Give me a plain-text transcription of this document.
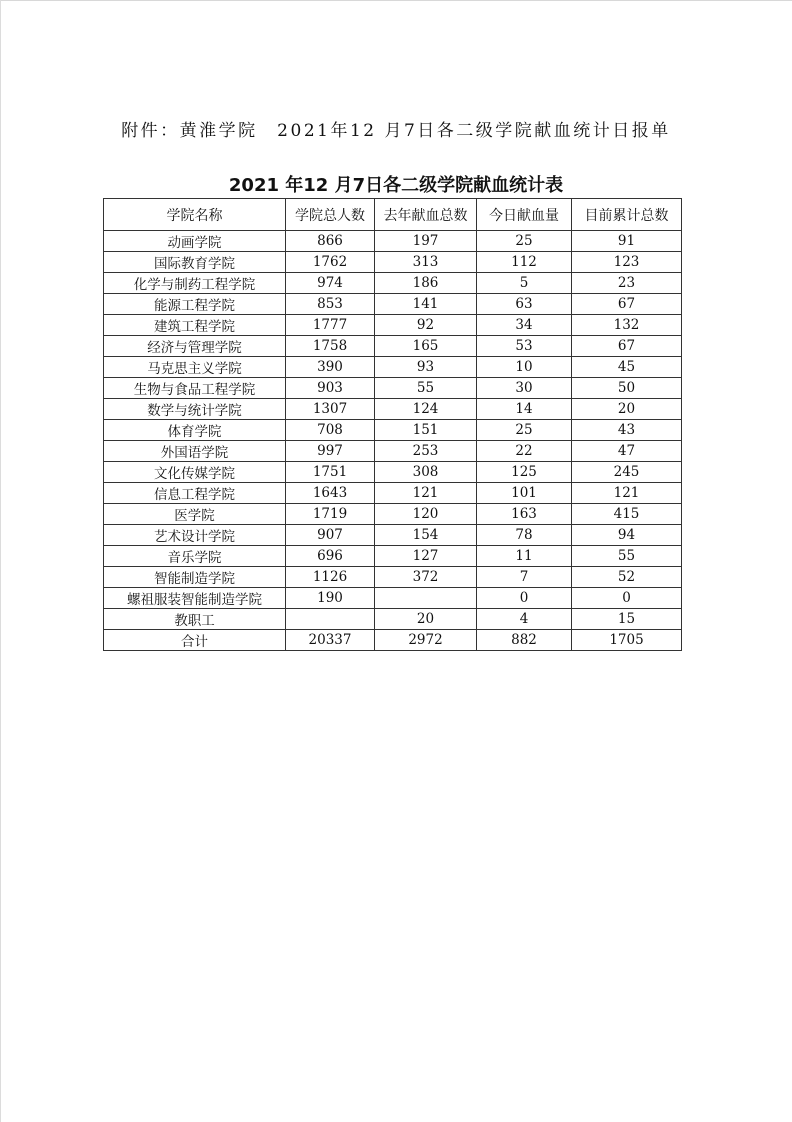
附件：黄淮学院　2021年12 月7日各二级学院献血统计日报单
2021 年12 月7日各二级学院献血统计表
学院名称	学院总人数	去年献血总数	今日献血量	目前累计总数
动画学院	866	197	25	91
国际教育学院	1762	313	112	123
化学与制药工程学院	974	186	5	23
能源工程学院	853	141	63	67
建筑工程学院	1777	92	34	132
经济与管理学院	1758	165	53	67
马克思主义学院	390	93	10	45
生物与食品工程学院	903	55	30	50
数学与统计学院	1307	124	14	20
体育学院	708	151	25	43
外国语学院	997	253	22	47
文化传媒学院	1751	308	125	245
信息工程学院	1643	121	101	121
医学院	1719	120	163	415
艺术设计学院	907	154	78	94
音乐学院	696	127	11	55
智能制造学院	1126	372	7	52
螺祖服装智能制造学院	190		0	0
教职工		20	4	15
合计	20337	2972	882	1705
